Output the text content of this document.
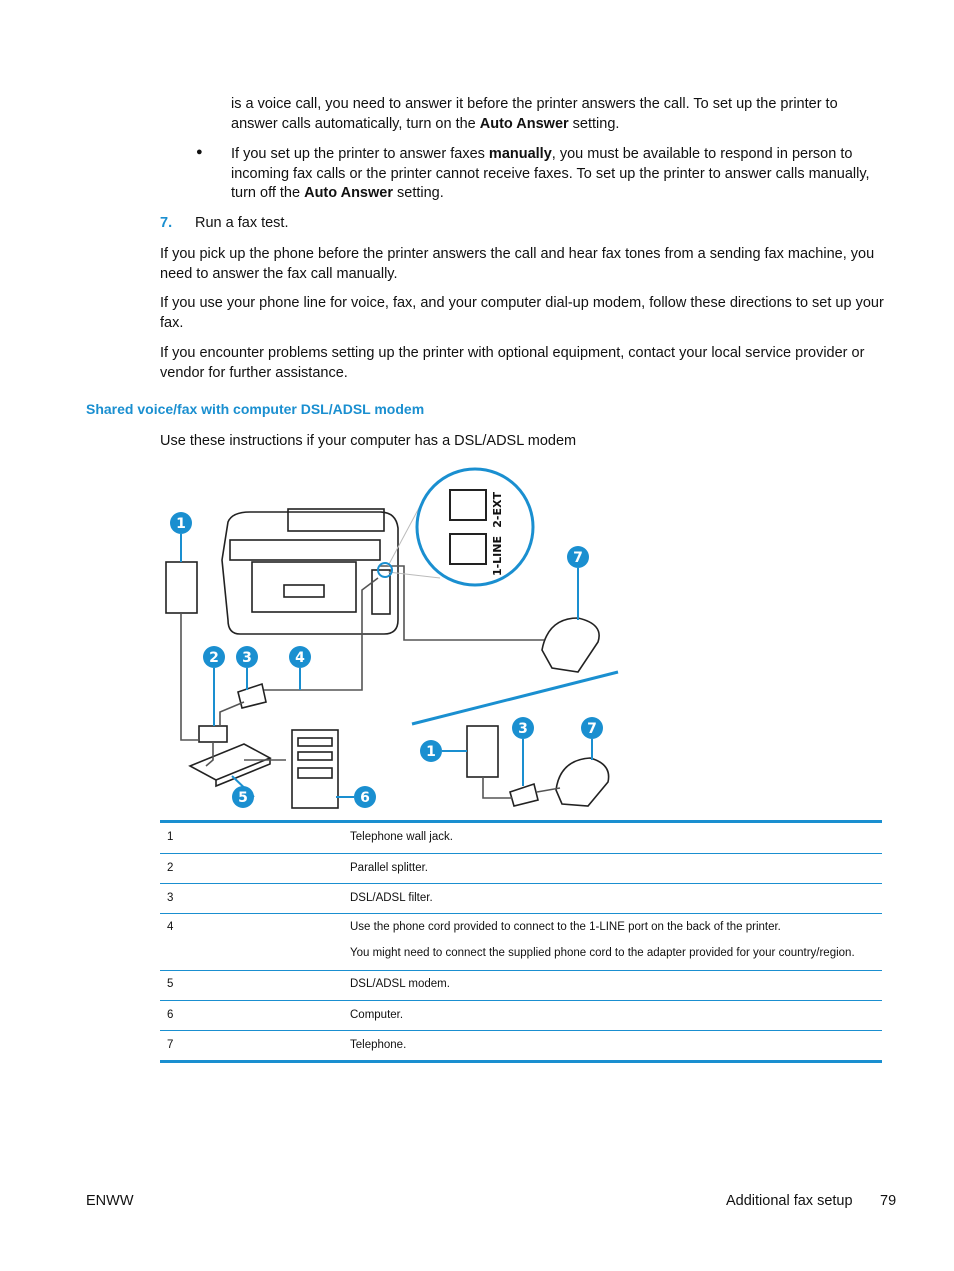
is a voice call, you need to answer it before the printer answers the call. To set up the printer to answer calls automatically, turn on the Auto Answer setting.
● If you set up the printer to answer faxes manually, you must be available to respond in person to incoming fax calls or the printer cannot receive faxes. To set up the printer to answer calls manually, turn off the Auto Answer setting.
7. Run a fax test.
If you pick up the phone before the printer answers the call and hear fax tones from a sending fax machine, you need to answer the fax call manually.
If you use your phone line for voice, fax, and your computer dial-up modem, follow these directions to set up your fax.
If you encounter problems setting up the printer with optional equipment, contact your local service provider or vendor for further assistance.
Shared voice/fax with computer DSL/ADSL modem
Use these instructions if your computer has a DSL/ADSL modem
2-EXT
1-LINE
1
2 3	4
5	6
7
1
3	7
1	Telephone wall jack.
2	Parallel splitter.
3	DSL/ADSL filter.
4	Use the phone cord provided to connect to the 1-LINE port on the back of the printer.
You might need to connect the supplied phone cord to the adapter provided for your country/region.

5	DSL/ADSL modem.
6	Computer.
7	Telephone.
ENWW	Additional fax setup 79
